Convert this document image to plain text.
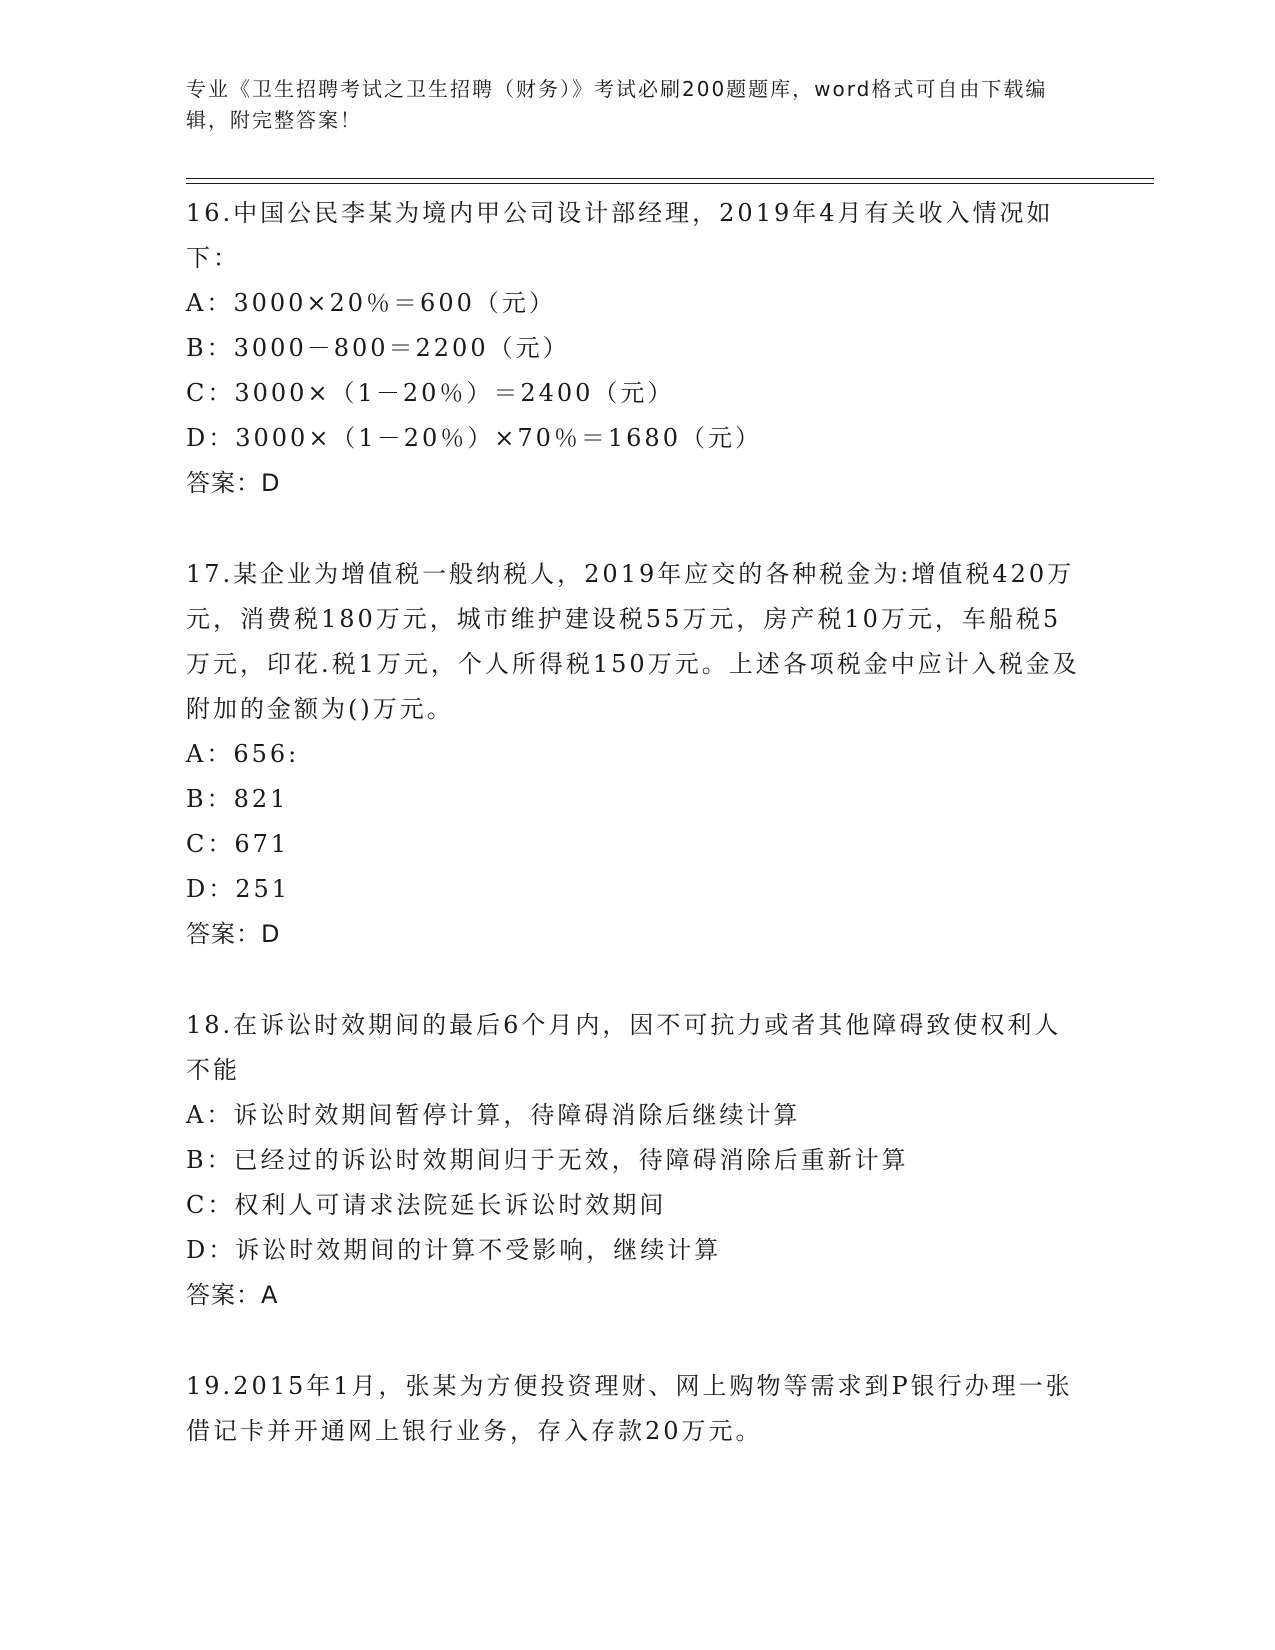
专业《卫生招聘考试之卫生招聘（财务）》考试必刷200题题库，word格式可自由下载编辑，附完整答案！

16.中国公民李某为境内甲公司设计部经理，2019年4月有关收入情况如下：

A：3000×20％＝600（元）

B：3000－800＝2200（元）

C：3000×（1－20％）＝2400（元）

D：3000×（1－20％）×70％＝1680（元）

答案：D

17.某企业为增值税一般纳税人，2019年应交的各种税金为:增值税420万元，消费税180万元，城市维护建设税55万元，房产税10万元，车船税5万元，印花.税1万元，个人所得税150万元。上述各项税金中应计入税金及附加的金额为()万元。

A：656:

B：821

C：671

D：251

答案：D

18.在诉讼时效期间的最后6个月内，因不可抗力或者其他障碍致使权利人不能

A：诉讼时效期间暂停计算，待障碍消除后继续计算

B：已经过的诉讼时效期间归于无效，待障碍消除后重新计算

C：权利人可请求法院延长诉讼时效期间

D：诉讼时效期间的计算不受影响，继续计算

答案：A

19.2015年1月，张某为方便投资理财、网上购物等需求到P银行办理一张借记卡并开通网上银行业务，存入存款20万元。
